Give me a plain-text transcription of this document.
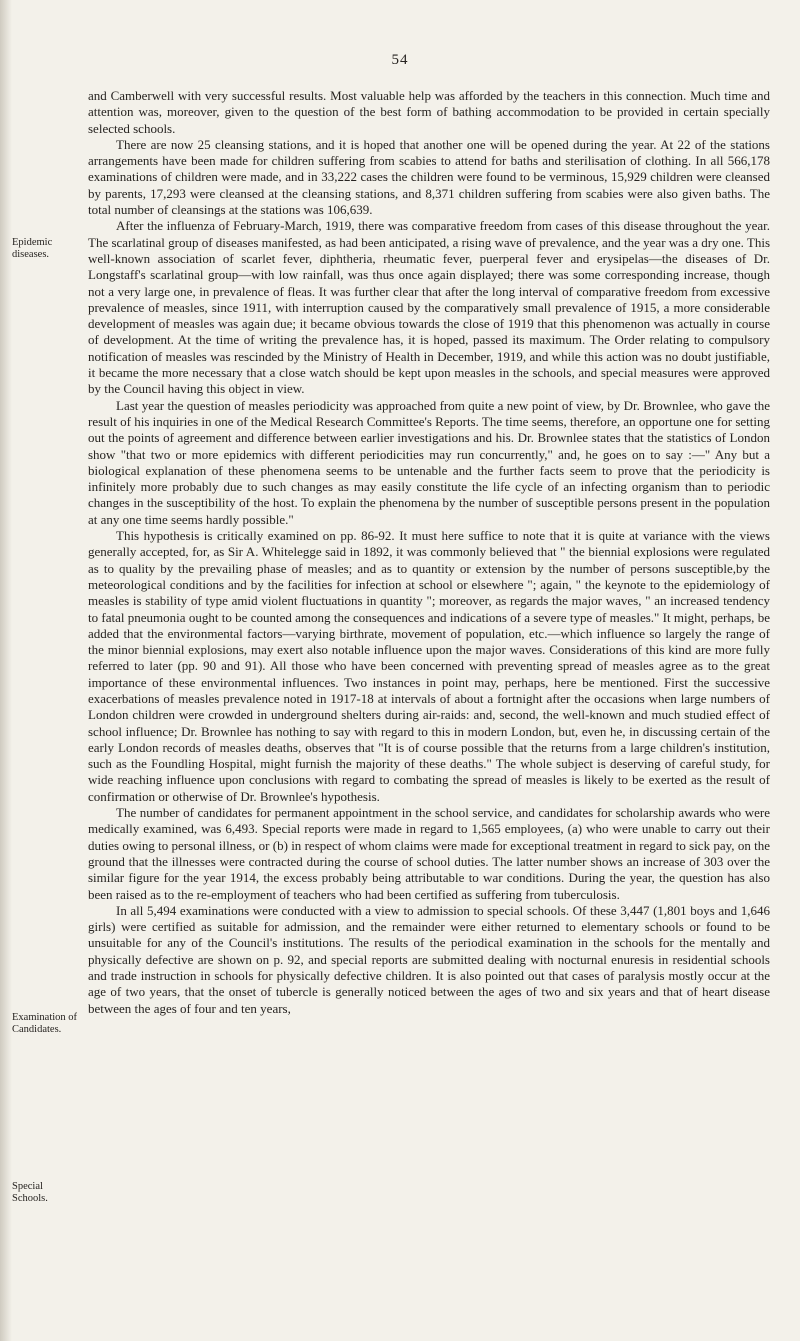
54
Epidemic diseases.
Examination of Candidates.
Special Schools.

and Camberwell with very successful results. Most valuable help was afforded by the teachers in this connection. Much time and attention was, moreover, given to the question of the best form of bathing accommodation to be provided in certain specially selected schools.

There are now 25 cleansing stations, and it is hoped that another one will be opened during the year. At 22 of the stations arrangements have been made for children suffering from scabies to attend for baths and sterilisation of clothing. In all 566,178 examinations of children were made, and in 33,222 cases the children were found to be verminous, 15,929 children were cleansed by parents, 17,293 were cleansed at the cleansing stations, and 8,371 children suffering from scabies were also given baths. The total number of cleansings at the stations was 106,639.

After the influenza of February-March, 1919, there was comparative freedom from cases of this disease throughout the year. The scarlatinal group of diseases manifested, as had been anticipated, a rising wave of prevalence, and the year was a dry one. This well-known association of scarlet fever, diphtheria, rheumatic fever, puerperal fever and erysipelas—the diseases of Dr. Longstaff's scarlatinal group—with low rainfall, was thus once again displayed; there was some corresponding increase, though not a very large one, in prevalence of fleas. It was further clear that after the long interval of comparative freedom from excessive prevalence of measles, since 1911, with interruption caused by the comparatively small prevalence of 1915, a more considerable development of measles was again due; it became obvious towards the close of 1919 that this phenomenon was actually in course of development. At the time of writing the prevalence has, it is hoped, passed its maximum. The Order relating to compulsory notification of measles was rescinded by the Ministry of Health in December, 1919, and while this action was no doubt justifiable, it became the more necessary that a close watch should be kept upon measles in the schools, and special measures were approved by the Council having this object in view.

Last year the question of measles periodicity was approached from quite a new point of view, by Dr. Brownlee, who gave the result of his inquiries in one of the Medical Research Committee's Reports. The time seems, therefore, an opportune one for setting out the points of agreement and difference between earlier investigations and his. Dr. Brownlee states that the statistics of London show "that two or more epidemics with different periodicities may run concurrently," and, he goes on to say :—" Any but a biological explanation of these phenomena seems to be untenable and the further facts seem to prove that the periodicity is infinitely more probably due to such changes as may easily constitute the life cycle of an infecting organism than to periodic changes in the susceptibility of the host. To explain the phenomena by the number of susceptible persons present in the population at any one time seems hardly possible."

This hypothesis is critically examined on pp. 86-92. It must here suffice to note that it is quite at variance with the views generally accepted, for, as Sir A. Whitelegge said in 1892, it was commonly believed that " the biennial explosions were regulated as to quality by the prevailing phase of measles; and as to quantity or extension by the number of persons susceptible,by the meteorological conditions and by the facilities for infection at school or elsewhere "; again, " the keynote to the epidemiology of measles is stability of type amid violent fluctuations in quantity "; moreover, as regards the major waves, " an increased tendency to fatal pneumonia ought to be counted among the consequences and indications of a severe type of measles." It might, perhaps, be added that the environmental factors—varying birthrate, movement of population, etc.—which influence so largely the range of the minor biennial explosions, may exert also notable influence upon the major waves. Considerations of this kind are more fully referred to later (pp. 90 and 91). All those who have been concerned with preventing spread of measles agree as to the great importance of these environmental influences. Two instances in point may, perhaps, here be mentioned. First the successive exacerbations of measles prevalence noted in 1917-18 at intervals of about a fortnight after the occasions when large numbers of London children were crowded in underground shelters during air-raids: and, second, the well-known and much studied effect of school influence; Dr. Brownlee has nothing to say with regard to this in modern London, but, even he, in discussing certain of the early London records of measles deaths, observes that "It is of course possible that the returns from a large children's institution, such as the Foundling Hospital, might furnish the majority of these deaths." The whole subject is deserving of careful study, for wide reaching influence upon conclusions with regard to combating the spread of measles is likely to be exerted as the result of confirmation or otherwise of Dr. Brownlee's hypothesis.

The number of candidates for permanent appointment in the school service, and candidates for scholarship awards who were medically examined, was 6,493. Special reports were made in regard to 1,565 employees, (a) who were unable to carry out their duties owing to personal illness, or (b) in respect of whom claims were made for exceptional treatment in regard to sick pay, on the ground that the illnesses were contracted during the course of school duties. The latter number shows an increase of 303 over the similar figure for the year 1914, the excess probably being attributable to war conditions. During the year, the question has also been raised as to the re-employment of teachers who had been certified as suffering from tuberculosis.

In all 5,494 examinations were conducted with a view to admission to special schools. Of these 3,447 (1,801 boys and 1,646 girls) were certified as suitable for admission, and the remainder were either returned to elementary schools or found to be unsuitable for any of the Council's institutions. The results of the periodical examination in the schools for the mentally and physically defective are shown on p. 92, and special reports are submitted dealing with nocturnal enuresis in residential schools and trade instruction in schools for physically defective children. It is also pointed out that cases of paralysis mostly occur at the age of two years, that the onset of tubercle is generally noticed between the ages of two and six years and that of heart disease between the ages of four and ten years,
